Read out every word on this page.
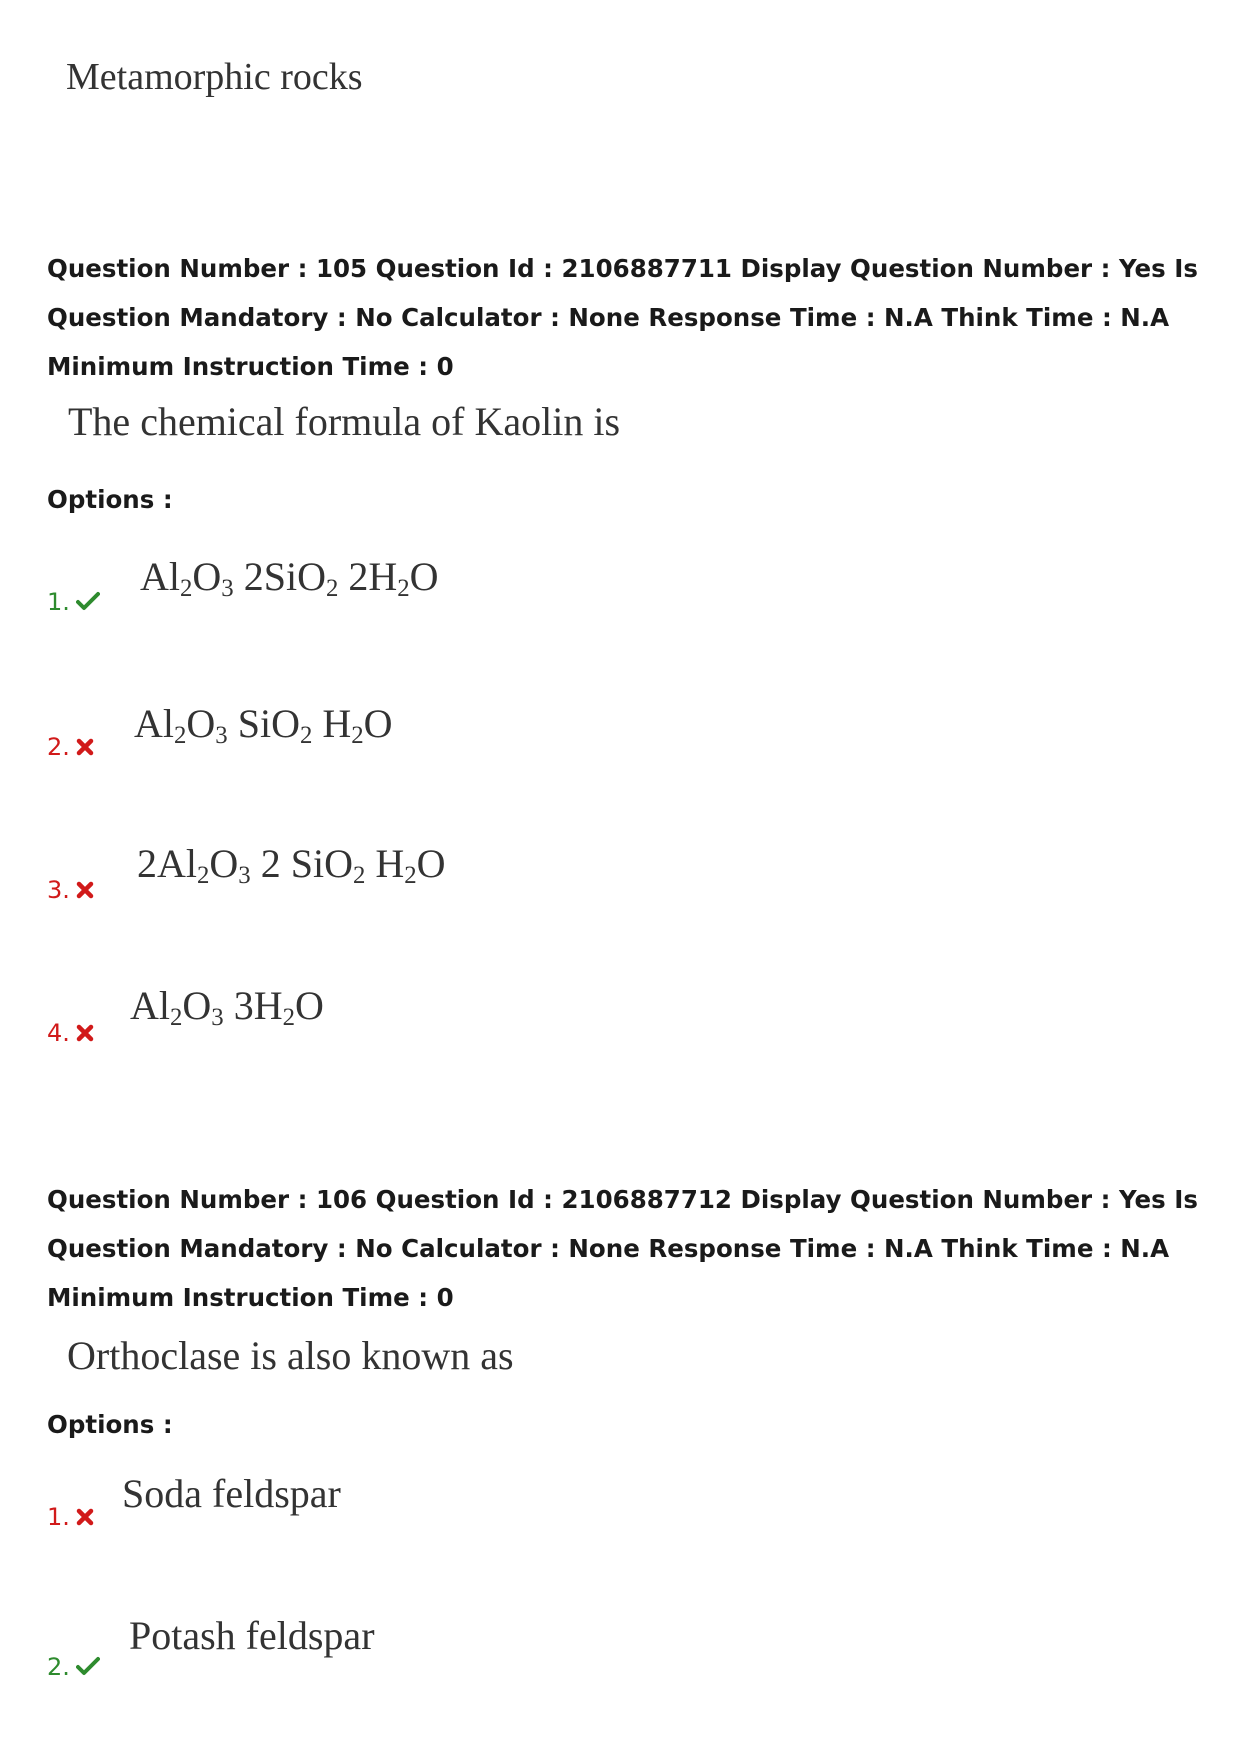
Metamorphic rocks
Question Number : 105 Question Id : 2106887711 Display Question Number : Yes Is Question Mandatory : No Calculator : None Response Time : N.A Think Time : N.A Minimum Instruction Time : 0
The chemical formula of Kaolin is
Options :
1.
$Al_2O_3$ 2SiO$_2$ $2H_2O$
2.
$Al_2O_3$ SiO$_2$ $H_2O$
3.
$2Al_2O_3$ 2 SiO$_2$ $H_2O$
4.
$Al_2O_3$ $3H_2O$
Question Number : 106 Question Id : 2106887712 Display Question Number : Yes Is Question Mandatory : No Calculator : None Response Time : N.A Think Time : N.A Minimum Instruction Time : 0
Orthoclase is also known as
Options :
1.
Soda feldspar
2.
Potash feldspar
